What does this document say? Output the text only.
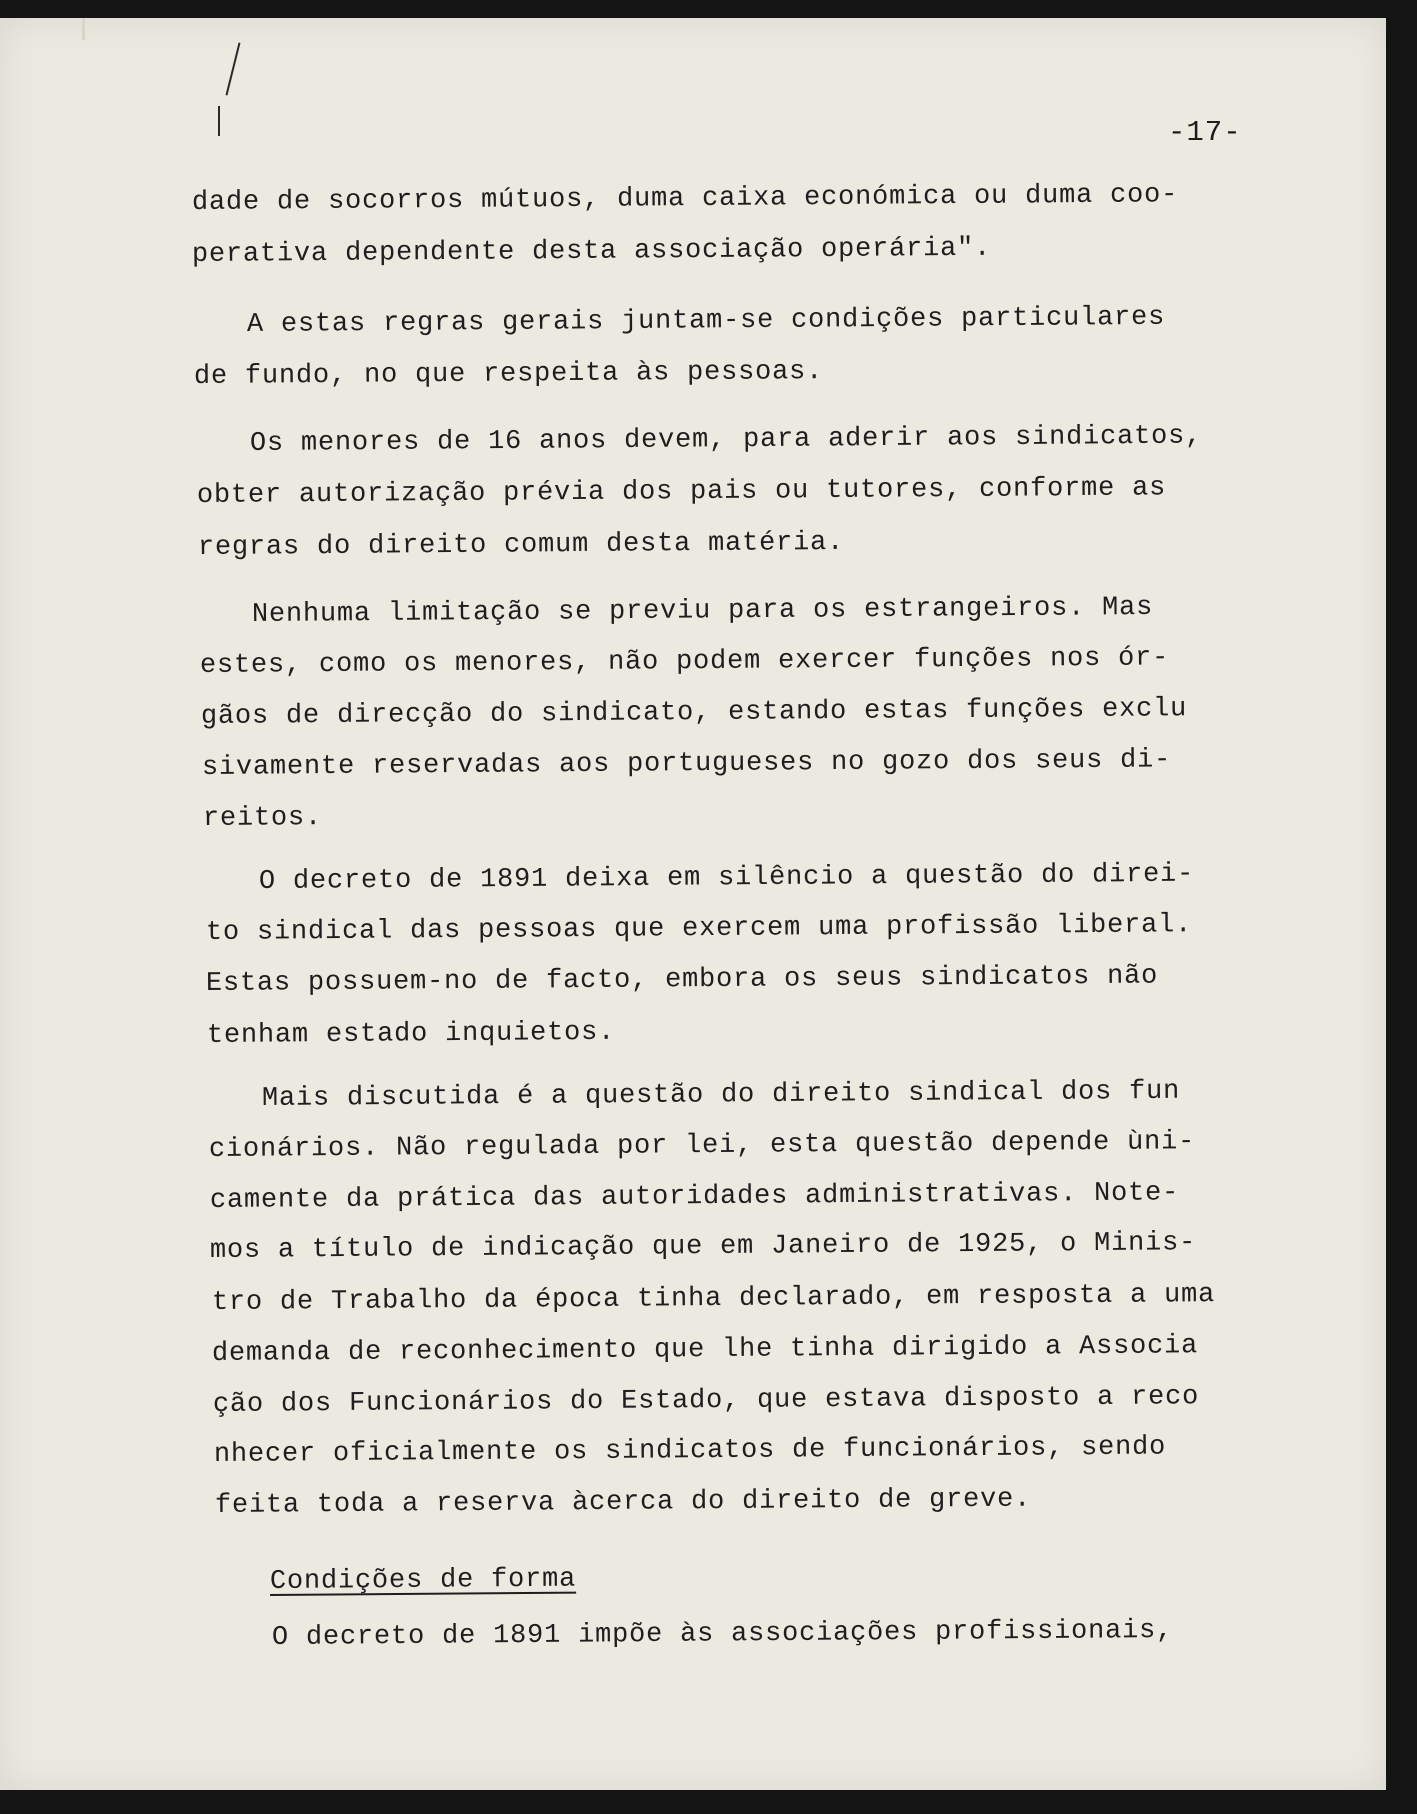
-17-
dade de socorros mútuos, duma caixa económica ou duma coo-
perativa dependente desta associação operária".
A estas regras gerais juntam-se condições particulares
de fundo, no que respeita às pessoas.
Os menores de 16 anos devem, para aderir aos sindicatos,
obter autorização prévia dos pais ou tutores, conforme as
regras do direito comum desta matéria.
Nenhuma limitação se previu para os estrangeiros. Mas
estes, como os menores, não podem exercer funções nos ór-
gãos de direcção do sindicato, estando estas funções exclu
sivamente reservadas aos portugueses no gozo dos seus di-
reitos.
O decreto de 1891 deixa em silêncio a questão do direi-
to sindical das pessoas que exercem uma profissão liberal.
Estas possuem-no de facto, embora os seus sindicatos não
tenham estado inquietos.
Mais discutida é a questão do direito sindical dos fun
cionários. Não regulada por lei, esta questão depende ùni-
camente da prática das autoridades administrativas. Note-
mos a título de indicação que em Janeiro de 1925, o Minis-
tro de Trabalho da época tinha declarado, em resposta a uma
demanda de reconhecimento que lhe tinha dirigido a Associa
ção dos Funcionários do Estado, que estava disposto a reco
nhecer oficialmente os sindicatos de funcionários, sendo
feita toda a reserva àcerca do direito de greve.
Condições de forma
O decreto de 1891 impõe às associações profissionais,
